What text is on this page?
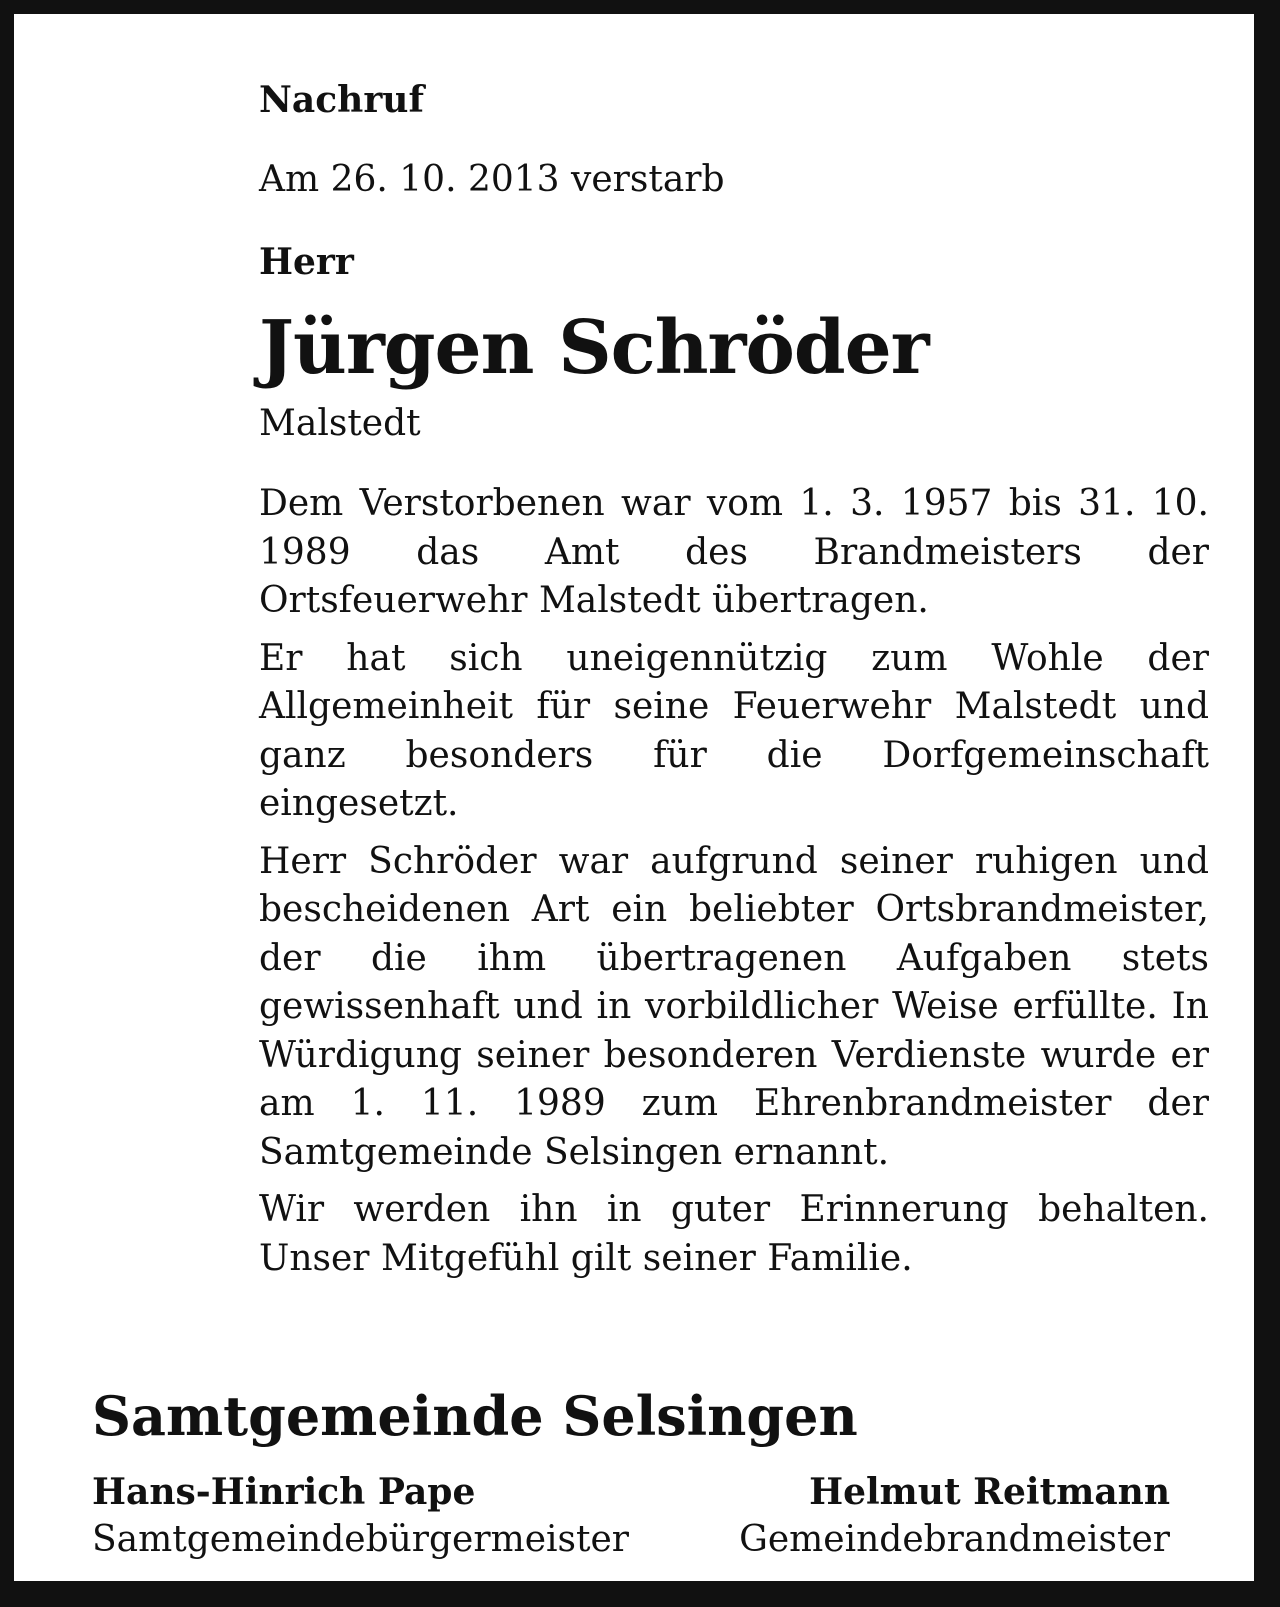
Nachruf
Am 26. 10. 2013 verstarb
Herr
Jürgen Schröder
Malstedt

Dem Verstorbenen war vom 1. 3. 1957 bis 31. 10. 1989 das Amt des Brandmeisters der Ortsfeuerwehr Malstedt übertragen.

Er hat sich uneigennützig zum Wohle der Allgemeinheit für seine Feuerwehr Malstedt und ganz besonders für die Dorfgemeinschaft eingesetzt.

Herr Schröder war aufgrund seiner ruhigen und bescheidenen Art ein beliebter Ortsbrandmeister, der die ihm übertragenen Aufgaben stets gewissenhaft und in vorbildlicher Weise erfüllte. In Würdigung seiner besonderen Verdienste wurde er am 1. 11. 1989 zum Ehrenbrandmeister der Samtgemeinde Selsingen ernannt.

Wir werden ihn in guter Erinnerung behalten. Unser Mitgefühl gilt seiner Familie.

Samtgemeinde Selsingen
Hans-Hinrich Pape
Samtgemeindebürgermeister
Helmut Reitmann
Gemeindebrandmeister
